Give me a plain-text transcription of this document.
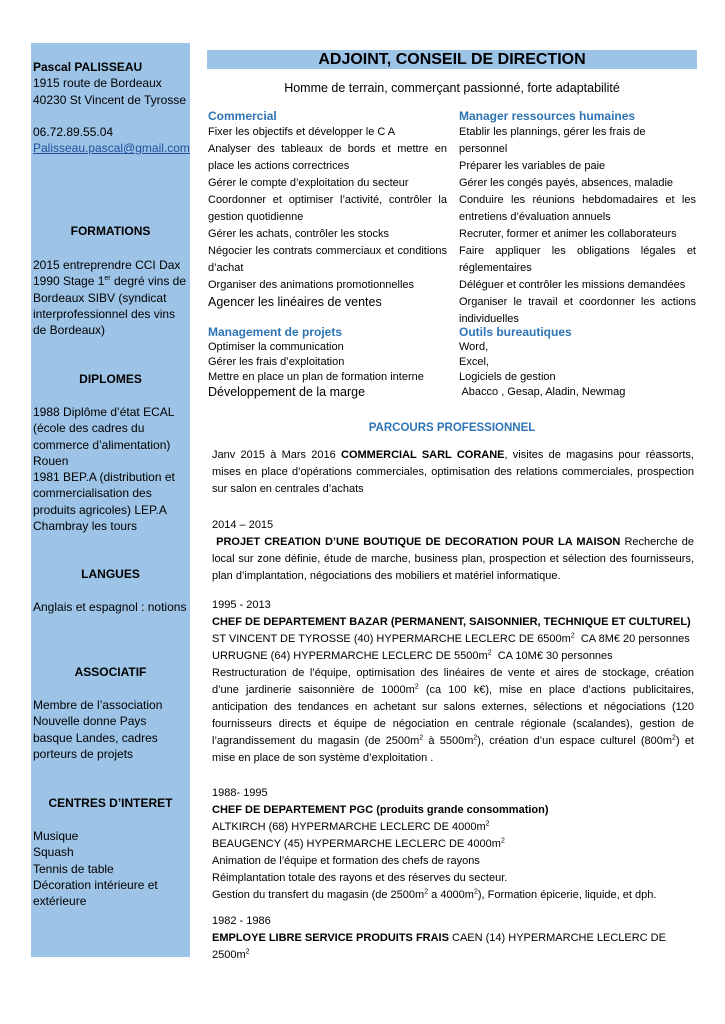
Pascal PALISSEAU
1915 route de Bordeaux
40230 St Vincent de Tyrosse
06.72.89.55.04
Palisseau.pascal@gmail.com
FORMATIONS
2015 entreprendre CCI Dax
1990 Stage 1er degré vins de Bordeaux SIBV (syndicat interprofessionnel des vins de Bordeaux)
DIPLOMES
1988 Diplôme d’état ECAL (école des cadres du commerce d’alimentation) Rouen
1981 BEP.A (distribution et commercialisation des produits agricoles) LEP.A Chambray les tours
LANGUES
Anglais et espagnol : notions
ASSOCIATIF
Membre de l’association Nouvelle donne Pays basque Landes, cadres porteurs de projets
CENTRES D’INTERET
Musique
Squash
Tennis de table
Décoration intérieure et extérieure
ADJOINT, CONSEIL DE DIRECTION
Homme de terrain, commerçant passionné, forte adaptabilité
Commercial
Fixer les objectifs et développer le C A
Analyser des tableaux de bords et mettre en place les actions correctrices
Gérer le compte d’exploitation du secteur
Coordonner et optimiser l’activité, contrôler la gestion quotidienne
Gérer les achats, contrôler les stocks
Négocier les contrats commerciaux et conditions d’achat
Organiser des animations promotionnelles
Agencer les linéaires de ventes
Manager ressources humaines
Etablir les plannings, gérer les frais de personnel
Préparer les variables de paie
Gérer les congés payés, absences, maladie
Conduire les réunions hebdomadaires et les entretiens d’évaluation annuels
Recruter, former et animer les collaborateurs
Faire appliquer les obligations légales et réglementaires
Déléguer et contrôler les missions demandées
Organiser le travail et coordonner les actions individuelles
Management de projets
Optimiser la communication
Gérer les frais d’exploitation
Mettre en place un plan de formation interne
Développement de la marge
Outils bureautiques
Word,
Excel,
Logiciels de gestion
Abacco , Gesap, Aladin, Newmag
PARCOURS PROFESSIONNEL
Janv 2015 à Mars 2016 COMMERCIAL SARL CORANE, visites de magasins pour réassorts, mises en place d’opérations commerciales, optimisation des relations commerciales, prospection sur salon en centrales d’achats

2014 – 2015

PROJET CREATION D’UNE BOUTIQUE DE DECORATION POUR LA MAISON Recherche de local sur zone définie, étude de marche, business plan, prospection et sélection des fournisseurs, plan d’implantation, négociations des mobiliers et matériel informatique.

1995 - 2013

CHEF DE DEPARTEMENT BAZAR (PERMANENT, SAISONNIER, TECHNIQUE ET CULTUREL)

ST VINCENT DE TYROSSE (40) HYPERMARCHE LECLERC DE $6500m^2$  CA 8M€ 20 personnes

URRUGNE (64) HYPERMARCHE LECLERC DE $5500m^2$  CA 10M€ 30 personnes

Restructuration de l’équipe, optimisation des linéaires de vente et aires de stockage, création d’une jardinerie saisonnière de $1000m^2$ (ca 100 k€), mise en place d’actions publicitaires, anticipation des tendances en achetant sur salons externes, sélections et négociations (120 fournisseurs directs et équipe de négociation en centrale régionale (scalandes), gestion de l’agrandissement du magasin (de $2500m^2$ à $5500m^2$), création d’un espace culturel $(800m^2)$ et mise en place de son système d’exploitation .

1988- 1995

CHEF DE DEPARTEMENT PGC (produits grande consommation)

ALTKIRCH (68) HYPERMARCHE LECLERC DE $4000m^2$

BEAUGENCY (45) HYPERMARCHE LECLERC DE $4000m^2$

Animation de l’équipe et formation des chefs de rayons

Réimplantation totale des rayons et des réserves du secteur.

Gestion du transfert du magasin (de $2500m^2$ a $4000m^2$), Formation épicerie, liquide, et dph.

1982 - 1986

EMPLOYE LIBRE SERVICE PRODUITS FRAIS CAEN (14) HYPERMARCHE LECLERC DE $2500m^2$
